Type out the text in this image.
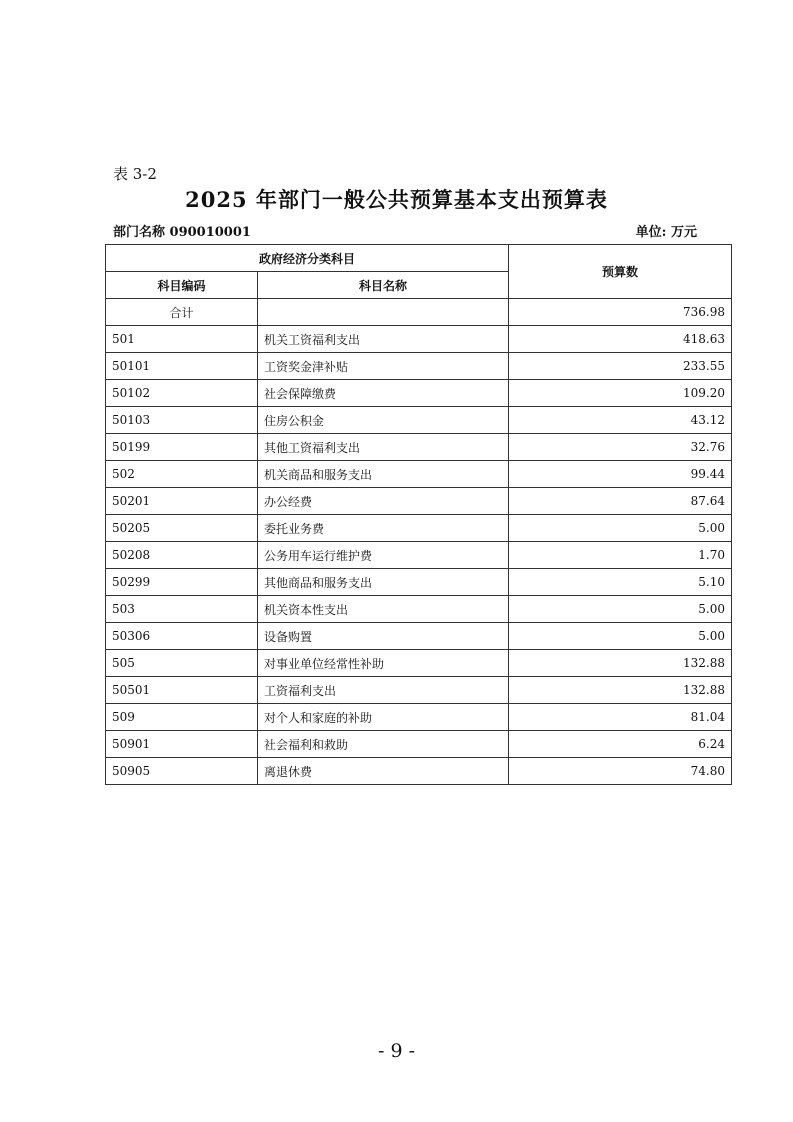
表 3-2
2025 年部门一般公共预算基本支出预算表
部门名称 090010001	单位: 万元
政府经济分类科目		预算数
科目编码	科目名称	
合计		736.98
501	机关工资福利支出	418.63
50101	工资奖金津补贴	233.55
50102	社会保障缴费	109.20
50103	住房公积金	43.12
50199	其他工资福利支出	32.76
502	机关商品和服务支出	99.44
50201	办公经费	87.64
50205	委托业务费	5.00
50208	公务用车运行维护费	1.70
50299	其他商品和服务支出	5.10
503	机关资本性支出	5.00
50306	设备购置	5.00
505	对事业单位经常性补助	132.88
50501	工资福利支出	132.88
509	对个人和家庭的补助	81.04
50901	社会福利和救助	6.24
50905	离退休费	74.80
- 9 -
